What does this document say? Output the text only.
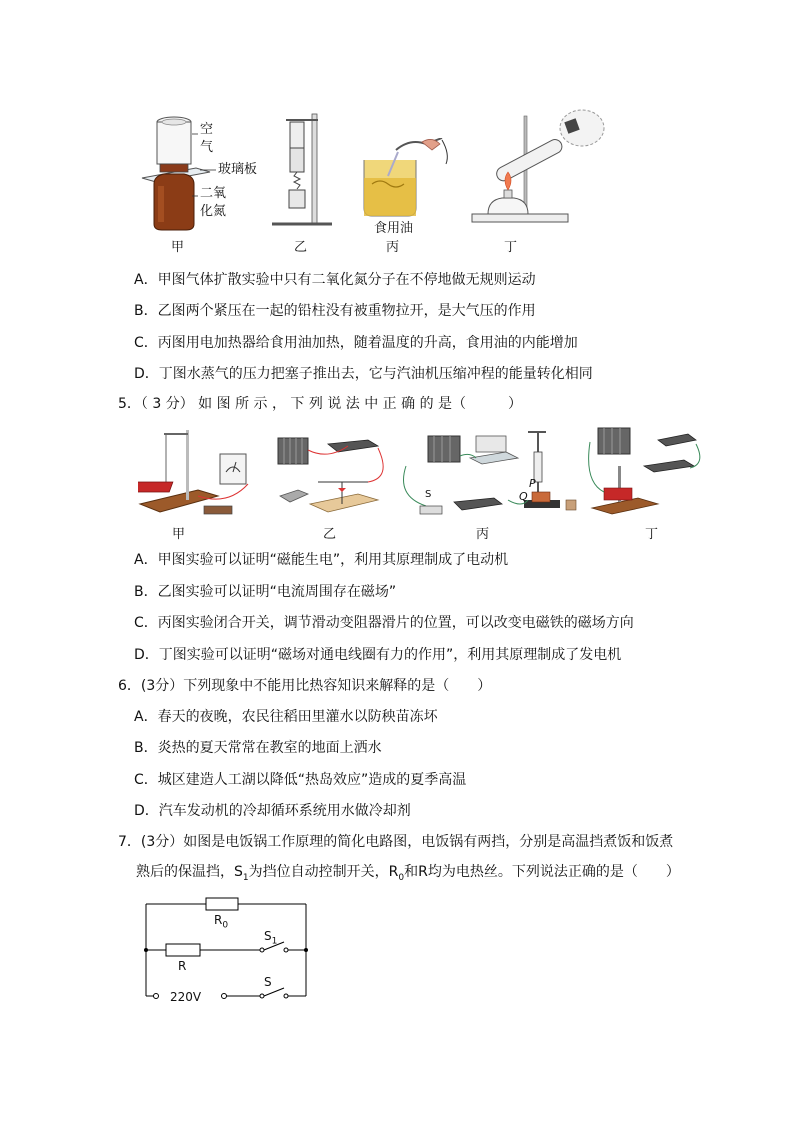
空
气
玻璃板
二氧
化氮
甲	乙
食用油
丙	丁
A．甲图气体扩散实验中只有二氧化氮分子在不停地做无规则运动
B．乙图两个紧压在一起的铅柱没有被重物拉开，是大气压的作用
C．丙图用电加热器给食用油加热，随着温度的升高，食用油的内能增加
D．丁图水蒸气的压力把塞子推出去，它与汽油机压缩冲程的能量转化相同
5．（ 3 分） 如 图 所 示 ， 下 列 说 法 中 正 确 的 是（　　　）
甲	乙
S
P
Q
丙	丁
A．甲图实验可以证明“磁能生电”，利用其原理制成了电动机
B．乙图实验可以证明“电流周围存在磁场”
C．丙图实验闭合开关，调节滑动变阻器滑片的位置，可以改变电磁铁的磁场方向
D．丁图实验可以证明“磁场对通电线圈有力的作用”，利用其原理制成了发电机
6．(3分）下列现象中不能用比热容知识来解释的是（　　）
A．春天的夜晚，农民往稻田里灌水以防秧苗冻坏
B．炎热的夏天常常在教室的地面上洒水
C．城区建造人工湖以降低“热岛效应”造成的夏季高温
D．汽车发动机的冷却循环系统用水做冷却剂
7．(3分）如图是电饭锅工作原理的简化电路图，电饭锅有两挡，分别是高温挡煮饭和饭煮
熟后的保温挡，$S_1$为挡位自动控制开关，$R_0$和R均为电热丝。下列说法正确的是（　　）
$R_0$
R
$S_1$
S
220V
